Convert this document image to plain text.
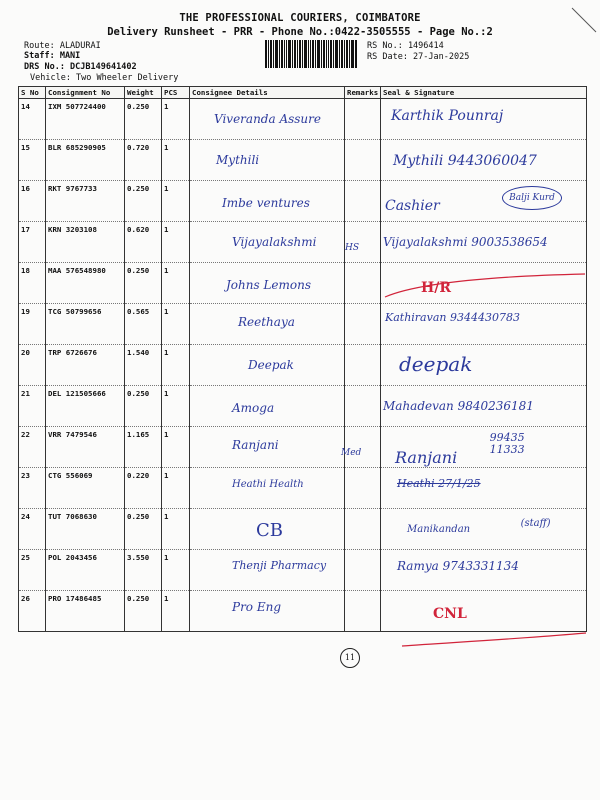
THE PROFESSIONAL COURIERS, COIMBATORE
Delivery Runsheet - PRR - Phone No.:0422-3505555 - Page No.:2
Route: ALADURAI
Staff: MANI
DRS No.: DCJB149641402
Vehicle: Two Wheeler Delivery
RS No.: 1496414
RS Date: 27-Jan-2025
S No	Consignment No	Weight	PCS	Consignee Details	Remarks	Seal & Signature
14	IXM 507724400	0.250	1	Viveranda Assure		Karthik Pounraj
15	BLR 685290905	0.720	1	Mythili		Mythili 9443060047
16	RKT 9767733	0.250	1	Imbe ventures		Cashier Balji Kurd
17	KRN 3203108	0.620	1	Vijayalakshmi	HS	Vijayalakshmi 9003538654
18	MAA 576548980	0.250	1	Johns Lemons		H/R
19	TCG 50799656	0.565	1	Reethaya		Kathiravan 9344430783
20	TRP 6726676	1.540	1	Deepak		deepak
21	DEL 121505666	0.250	1	Amoga		Mahadevan 9840236181
22	VRR 7479546	1.165	1	Ranjani	Med	Ranjani 99435 11333
23	CTG 556069	0.220	1	Heathi Health		Heathi 27/1/25
24	TUT 7068630	0.250	1	CB		Manikandan (staff)
25	POL 2043456	3.550	1	Thenji Pharmacy		Ramya 9743331134
26	PRO 17486485	0.250	1	Pro Eng		CNL
11
